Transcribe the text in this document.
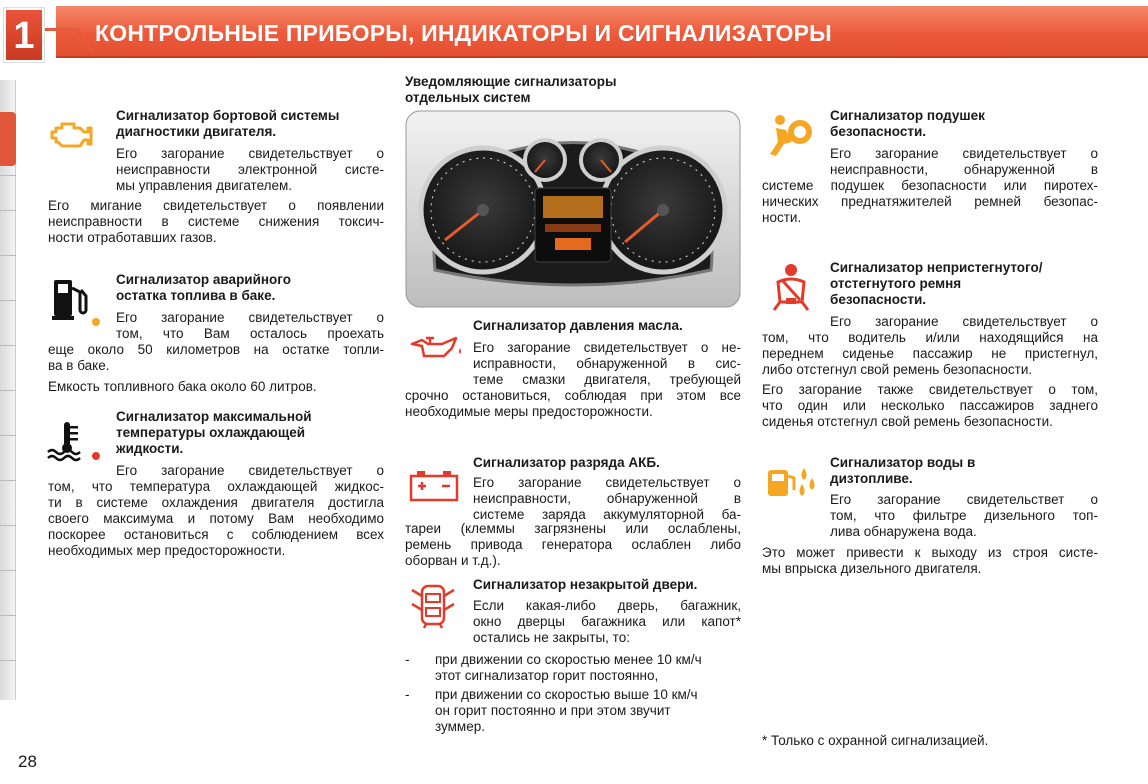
1	КОНТРОЛЬНЫЕ ПРИБОРЫ, ИНДИКАТОРЫ И СИГНАЛИЗАТОРЫ
Сигнализатор бортовой системы
диагностики двигателя.
Его загорание свидетельствует о
неисправности электронной систе-
мы управления двигателем.
Его мигание свидетельствует о появлении
неисправности в системе снижения токсич-
ности отработавших газов.
Сигнализатор аварийного
остатка топлива в баке.
Его загорание свидетельствует о
том, что Вам осталось проехать
еще около 50 километров на остатке топли-
ва в баке.
Емкость топливного бака около 60 литров.
Сигнализатор максимальной
температуры охлаждающей
жидкости.
Его загорание свидетельствует о
том, что температура охлаждающей жидкос-
ти в системе охлаждения двигателя достигла
своего максимума и потому Вам необходимо
поскорее остановиться с соблюдением всех
необходимых мер предосторожности.
Уведомляющие сигнализаторы
отдельных систем
Сигнализатор давления масла.
Его загорание свидетельствует о не-
исправности, обнаруженной в сис-
теме смазки двигателя, требующей
срочно остановиться, соблюдая при этом все
необходимые меры предосторожности.
Сигнализатор разряда АКБ.
Его загорание свидетельствует о
неисправности, обнаруженной в
системе заряда аккумуляторной ба-
тареи (клеммы загрязнены или ослаблены,
ремень привода генератора ослаблен либо
оборван и т.д.).
Сигнализатор незакрытой двери.
Если какая-либо дверь, багажник,
окно дверцы багажника или капот*
остались не закрыты, то:
- при движении со скоростью менее 10 км/ч
этот сигнализатор горит постоянно,
- при движении со скоростью выше 10 км/ч
он горит постоянно и при этом звучит
зуммер.
Сигнализатор подушек
безопасности.
Его загорание свидетельствует о
неисправности, обнаруженной в
системе подушек безопасности или пиротех-
нических преднатяжителей ремней безопас-
ности.
Сигнализатор непристегнутого/
отстегнутого ремня
безопасности.
Его загорание свидетельствует о
том, что водитель и/или находящийся на
переднем сиденье пассажир не пристегнул,
либо отстегнул свой ремень безопасности.
Его загорание также свидетельствует о том,
что один или несколько пассажиров заднего
сиденья отстегнул свой ремень безопасности.
Сигнализатор воды в
дизтопливе.
Его загорание свидетельствет о
том, что фильтре дизельного топ-
лива обнаружена вода.
Это может привести к выходу из строя систе-
мы впрыска дизельного двигателя.
* Только с охранной сигнализацией.
28
